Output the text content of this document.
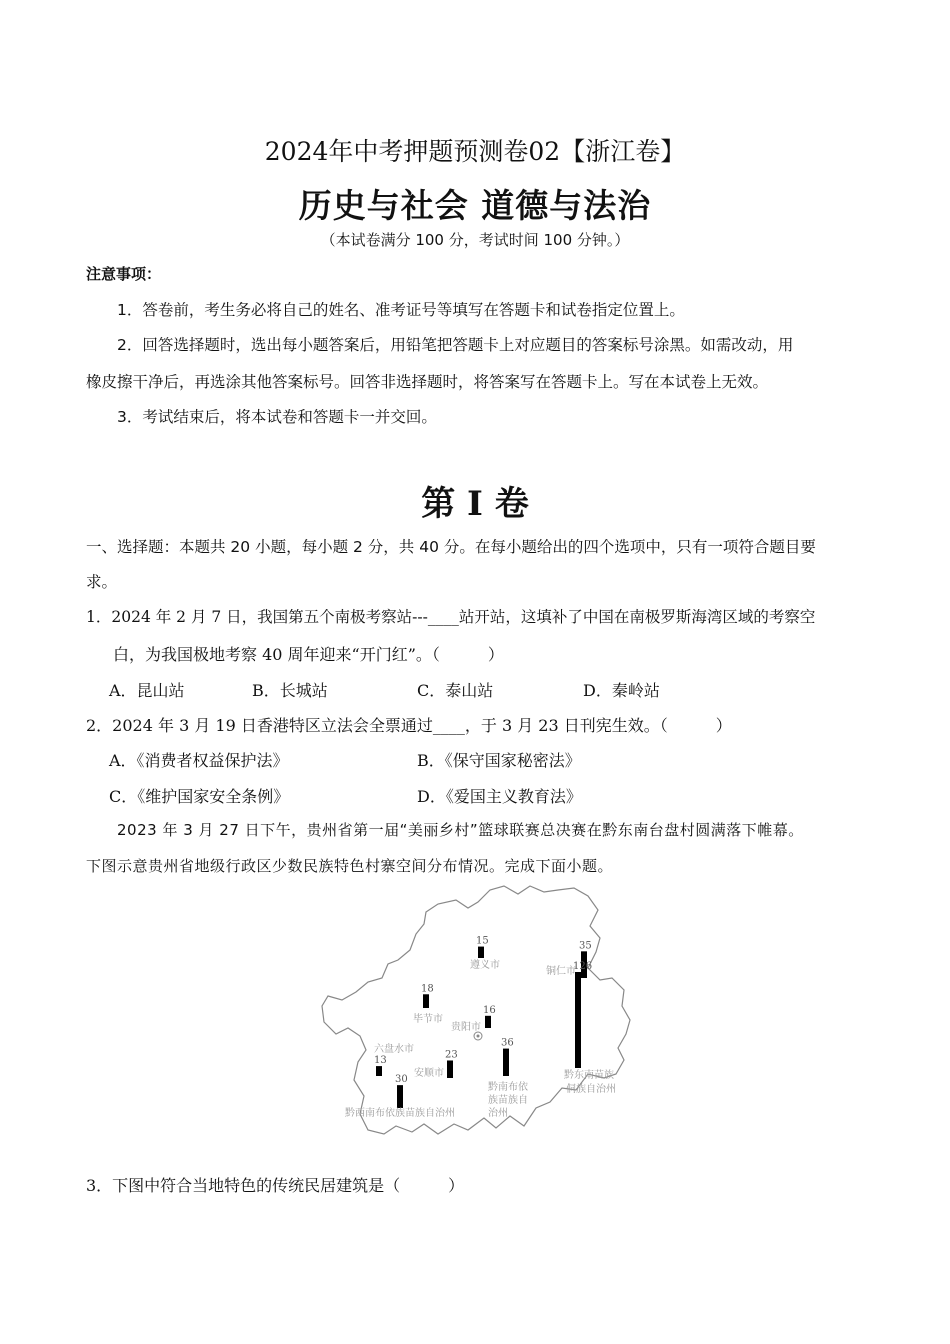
2024年中考押题预测卷02【浙江卷】
历史与社会 道德与法治
（本试卷满分 100 分，考试时间 100 分钟。）
注意事项：
1．答卷前，考生务必将自己的姓名、准考证号等填写在答题卡和试卷指定位置上。
2．回答选择题时，选出每小题答案后，用铅笔把答题卡上对应题目的答案标号涂黑。如需改动，用
橡皮擦干净后，再选涂其他答案标号。回答非选择题时，将答案写在答题卡上。写在本试卷上无效。
3．考试结束后，将本试卷和答题卡一并交回。
第 I 卷
一、选择题：本题共 20 小题，每小题 2 分，共 40 分。在每小题给出的四个选项中，只有一项符合题目要
求。
1．2024 年 2 月 7 日，我国第五个南极考察站---____站开站，这填补了中国在南极罗斯海湾区域的考察空
白，为我国极地考察 40 周年迎来“开门红”。（　　　）
A．昆山站	B．长城站	C．泰山站	D．秦岭站
2．2024 年 3 月 19 日香港特区立法会全票通过____，于 3 月 23 日刊宪生效。（　　　）
A．《消费者权益保护法》	B．《保守国家秘密法》
C．《维护国家安全条例》	D．《爱国主义教育法》
2023 年 3 月 27 日下午，贵州省第一届“美丽乡村”篮球联赛总决赛在黔东南台盘村圆满落下帷幕。
下图示意贵州省地级行政区少数民族特色村寨空间分布情况。完成下面小题。
15	35
18
16
126
13
23
36
30
遵义市
铜仁市
毕节市
贵阳市
黔东南苗族
侗族自治州
六盘水市
安顺市
黔南布依
族苗族自
治州
黔西南布依族苗族自治州
3．下图中符合当地特色的传统民居建筑是（　　　）
